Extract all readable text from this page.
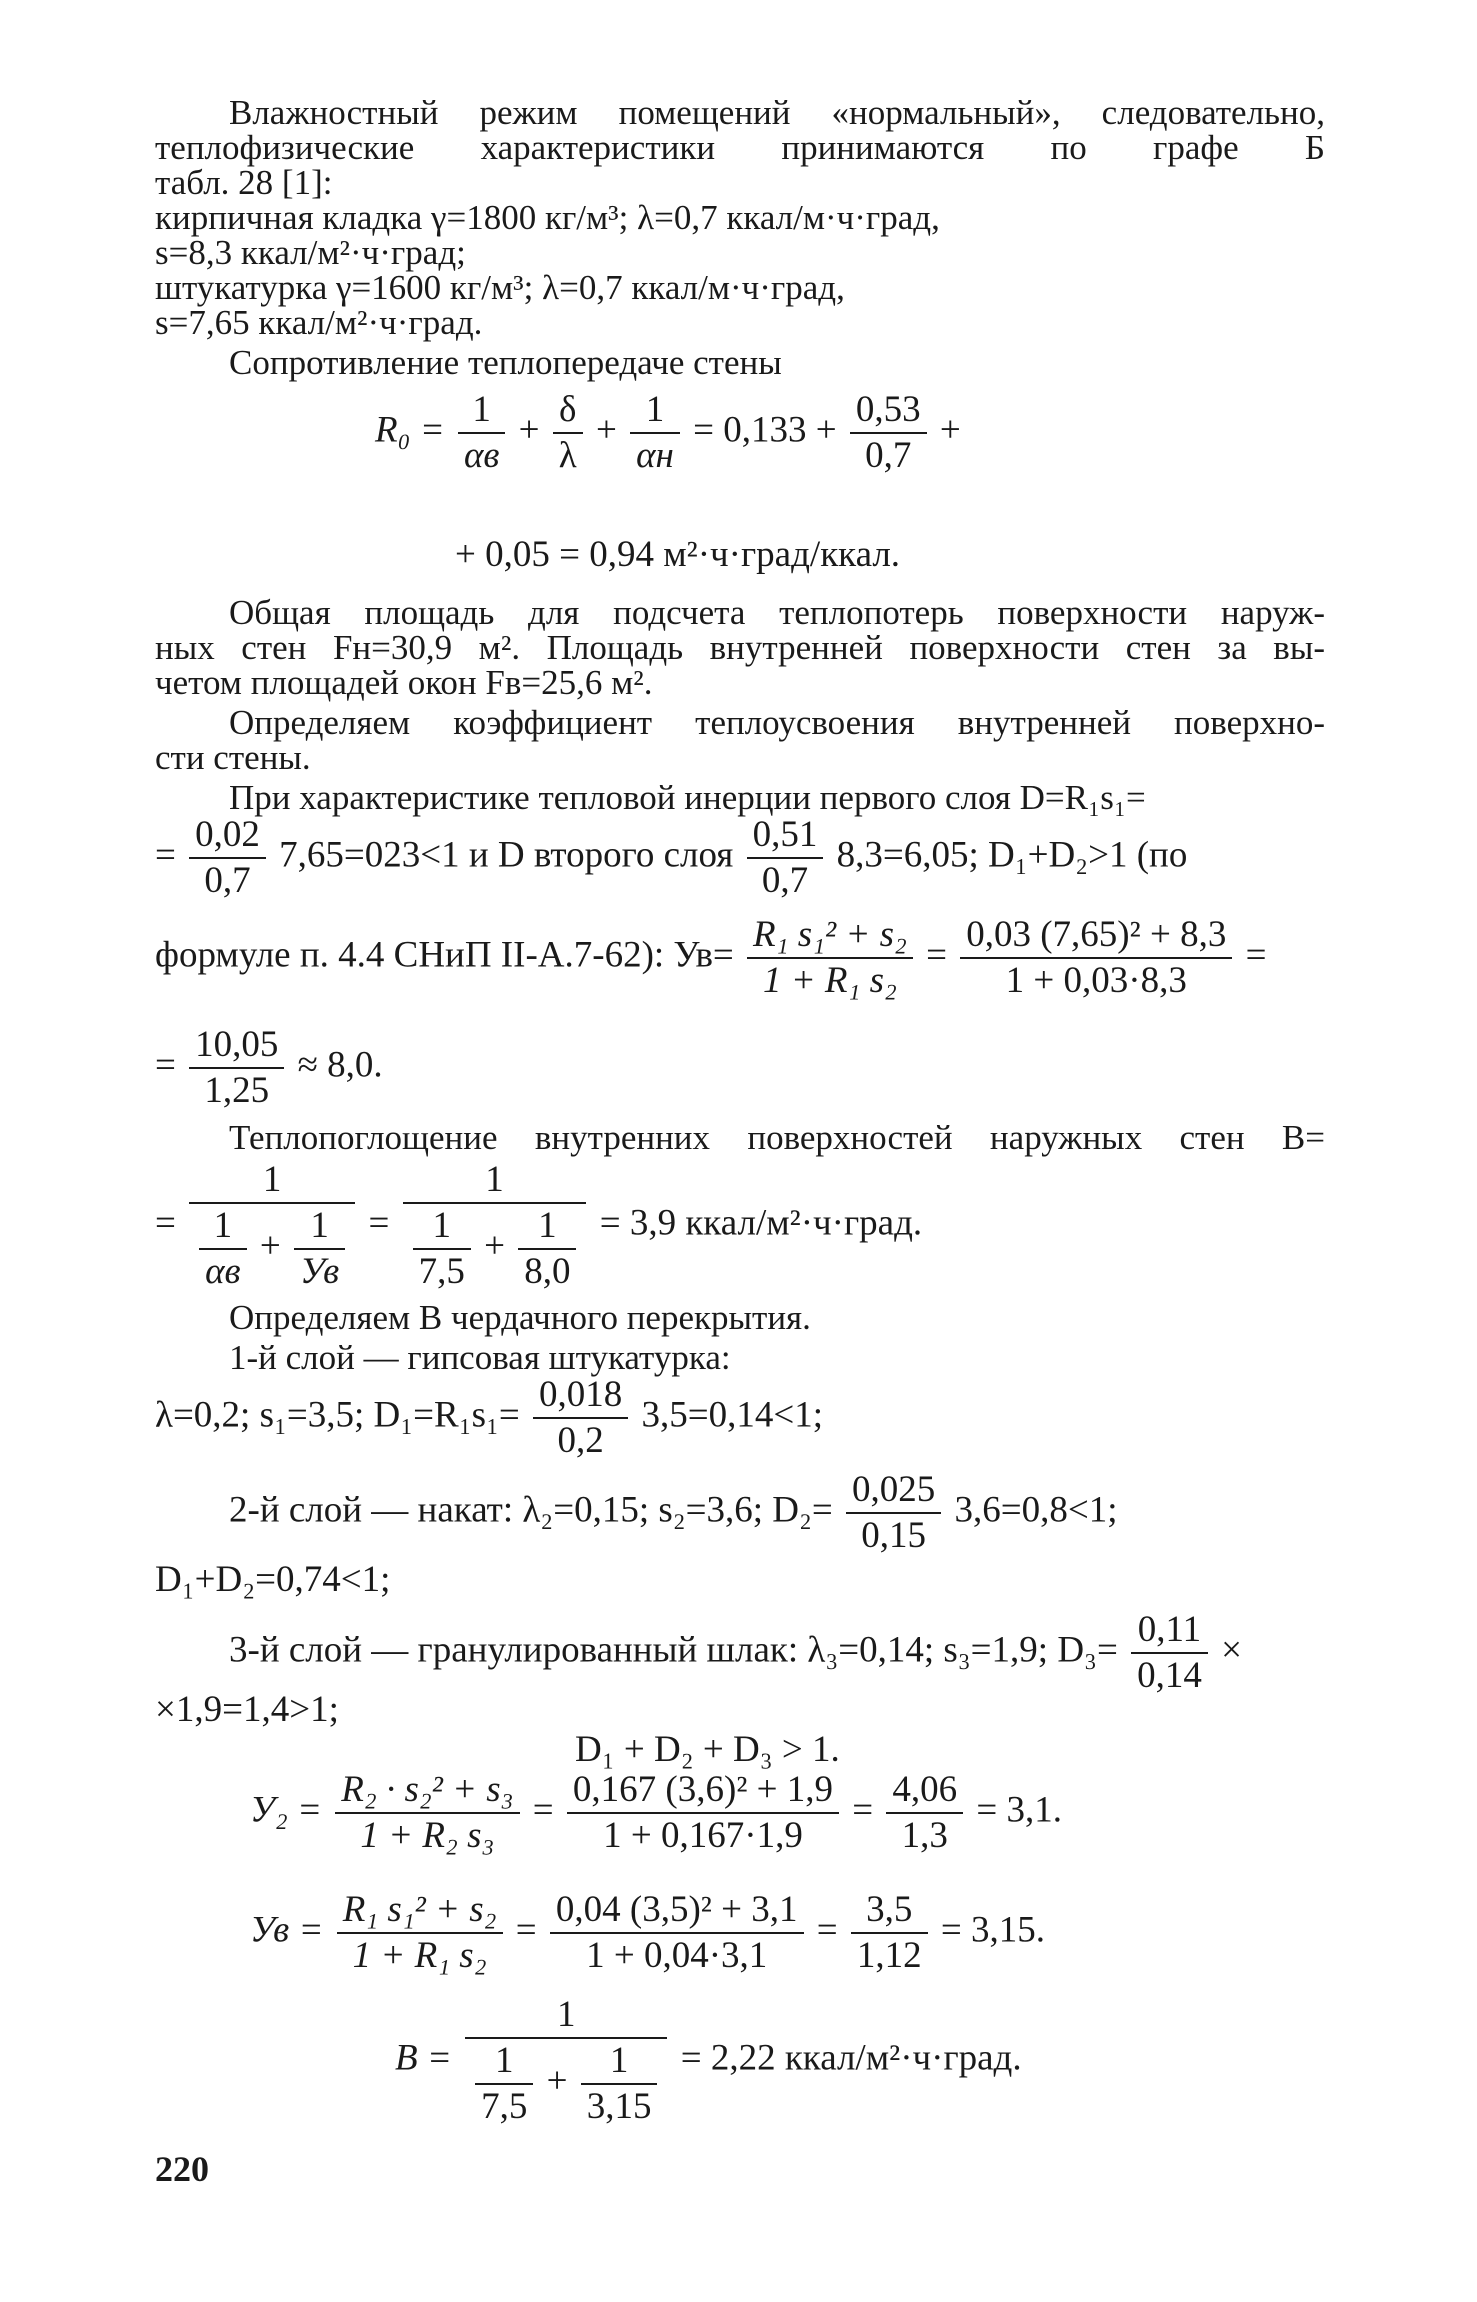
Влажностный режим помещений «нормальный», следовательно,

теплофизические характеристики принимаются по графе Б

табл. 28 [1]:

кирпичная кладка γ=1800 кг/м³; λ=0,7 ккал/м·ч·град,

s=8,3 ккал/м²·ч·град;

штукатурка γ=1600 кг/м³; λ=0,7 ккал/м·ч·град,

s=7,65 ккал/м²·ч·град.

Сопротивление теплопередаче стены

$R_0 = \frac{1}{\alpha в} + \frac{\delta}{\lambda} + \frac{1}{\alpha н} = 0,133 + \frac{0,53}{0,7}$ +
+ 0,05 = 0,94 м²·ч·град/ккал.

Общая площадь для подсчета теплопотерь поверхности наруж-

ных стен Fн=30,9 м². Площадь внутренней поверхности стен за вы-

четом площадей окон Fв=25,6 м².

Определяем коэффициент теплоусвоения внутренней поверхно-

сти стены.

При характеристике тепловой инерции первого слоя D=R₁s₁=

= $\frac{0,02}{0,7} 7,65=023<1$ и D второго слоя $\frac{0,51}{0,7} 8,3=6,05$; D₁+D₂>1 (по
формуле п. 4.4 СНиП II-А.7-62): $Ув= \frac{\text{R₁ s₁² + s₂}}{\text{1 + R₁ s₂}} = \frac{\text{0,03 (7,65)² + 8,3}}{1 + 0,03\cdot 8,3}$ =
= $\frac{10,05}{1,25} \approx 8,0$.

Теплопоглощение внутренних поверхностей наружных стен B=

= $\frac{1}{\frac{1}{\alpha в} + \frac{1}{Ув}} = \frac{1}{\frac{1}{7,5} + \frac{1}{8,0}} = 3,9$ ккал/м²·ч·град.

Определяем B чердачного перекрытия.

1-й слой — гипсовая штукатурка:

λ=0,2; s₁=3,5; $D_1=R_1s_1= \frac{0,018}{0,2} 3,5=0,14<1$;
2-й слой — накат: λ₂=0,15; s₂=3,6; $D_2= \frac{0,025}{0,15} 3,6=0,8<1$;
D₁+D₂=0,74<1;
3-й слой — гранулированный шлак: λ₃=0,14; s₃=1,9; $D_3= \frac{0,11}{0,14}$ ×
×1,9=1,4>1;
D₁ + D₂ + D₃ > 1.
$У_2 = \frac{\text{R₂ · s₂² + s₃}}{\text{1 + R₂ s₃}} = \frac{\text{0,167 (3,6)² + 1,9}}{1 + 0,167\cdot 1,9} = \frac{4,06}{1,3} = 3,1$.
Ув = $\frac{\text{R₁ s₁² + s₂}}{\text{1 + R₁ s₂}} = \frac{\text{0,04 (3,5)² + 3,1}}{1 + 0,04\cdot 3,1} = \frac{3,5}{1,12} = 3,15$.
$B = \frac{1}{\frac{1}{7,5} + \frac{1}{3,15}} = 2,22$ ккал/м²·ч·град.
220
